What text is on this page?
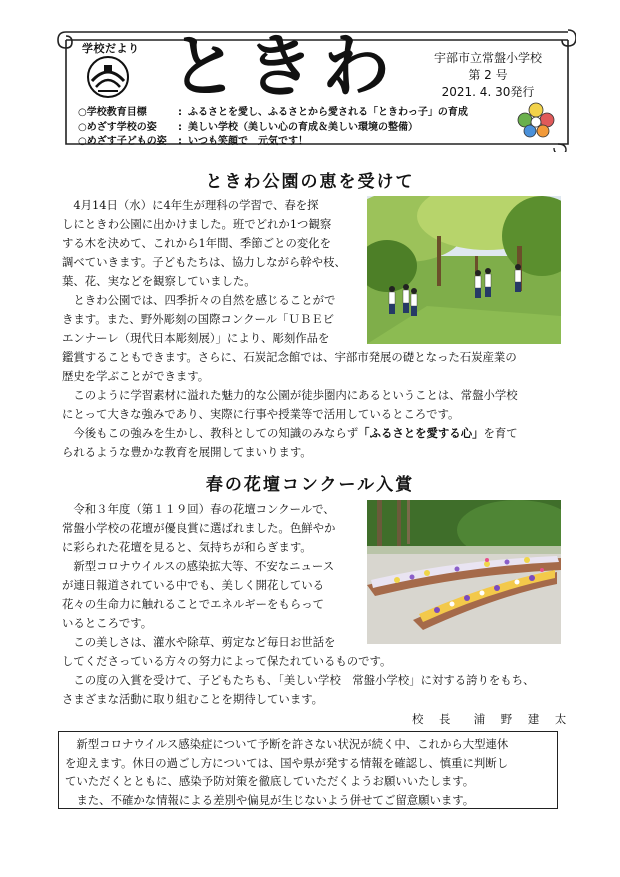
学校だより ときわ	宇部市立常盤小学校
第 2 号
2021. 4. 30発行
○学校教育目標	: ふるさとを愛し、ふるさとから愛される「ときわっ子」の育成
○めざす学校の姿	: 美しい学校（美しい心の育成＆美しい環境の整備）
○めざす子どもの姿	: いつも笑顔で　元気です！
ときわ公園の恵を受けて

4月14日（水）に4年生が理科の学習で、春を探

しにときわ公園に出かけました。班でどれか1つ観察

する木を決めて、これから1年間、季節ごとの変化を

調べていきます。子どもたちは、協力しながら幹や枝、

葉、花、実などを観察していました。

ときわ公園では、四季折々の自然を感じることがで

きます。また、野外彫刻の国際コンクール「ＵＢＥビ

エンナーレ（現代日本彫刻展）」により、彫刻作品を

鑑賞することもできます。さらに、石炭記念館では、宇部市発展の礎となった石炭産業の

歴史を学ぶことができます。

このように学習素材に溢れた魅力的な公園が徒歩圏内にあるということは、常盤小学校

にとって大きな強みであり、実際に行事や授業等で活用しているところです。

今後もこの強みを生かし、教科としての知識のみならず「ふるさとを愛する心」を育て

られるような豊かな教育を展開してまいります。

春の花壇コンクール入賞

令和３年度（第１１９回）春の花壇コンクールで、

常盤小学校の花壇が優良賞に選ばれました。色鮮やか

に彩られた花壇を見ると、気持ちが和らぎます。

新型コロナウイルスの感染拡大等、不安なニュース

が連日報道されている中でも、美しく開花している

花々の生命力に触れることでエネルギーをもらって

いるところです。

この美しさは、灌水や除草、剪定など毎日お世話を

してくださっている方々の努力によって保たれているものです。

この度の入賞を受けて、子どもたちも、「美しい学校　常盤小学校」に対する誇りをもち、

さまざまな活動に取り組むことを期待しています。

校 長　浦 野 建 太

新型コロナウイルス感染症について予断を許さない状況が続く中、これから大型連休

を迎えます。休日の過ごし方については、国や県が発する情報を確認し、慎重に判断し

ていただくとともに、感染予防対策を徹底していただくようお願いいたします。

また、不確かな情報による差別や偏見が生じないよう併せてご留意願います。
